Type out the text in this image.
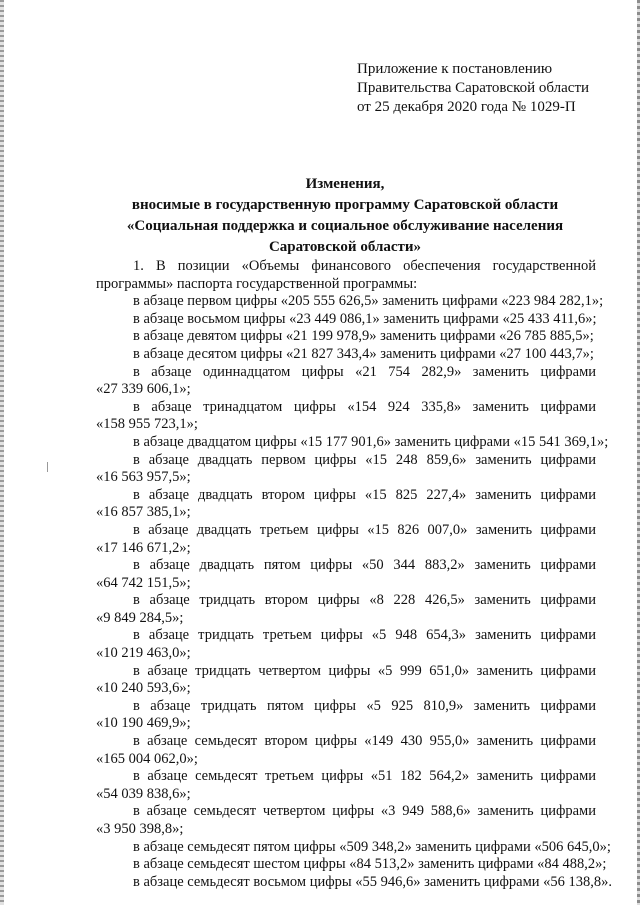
Приложение к постановлению
Правительства Саратовской области
от 25 декабря 2020 года № 1029-П
Изменения,
вносимые в государственную программу Саратовской области
«Социальная поддержка и социальное обслуживание населения
Саратовской области»
1. В позиции «Объемы финансового обеспечения государственной
программы» паспорта государственной программы:
в абзаце первом цифры «205 555 626,5» заменить цифрами «223 984 282,1»;
в абзаце восьмом цифры «23 449 086,1» заменить цифрами «25 433 411,6»;
в абзаце девятом цифры «21 199 978,9» заменить цифрами «26 785 885,5»;
в абзаце десятом цифры «21 827 343,4» заменить цифрами «27 100 443,7»;
в абзаце одиннадцатом цифры «21 754 282,9» заменить цифрами
«27 339 606,1»;
в абзаце тринадцатом цифры «154 924 335,8» заменить цифрами
«158 955 723,1»;
в абзаце двадцатом цифры «15 177 901,6» заменить цифрами «15 541 369,1»;
в абзаце двадцать первом цифры «15 248 859,6» заменить цифрами
«16 563 957,5»;
в абзаце двадцать втором цифры «15 825 227,4» заменить цифрами
«16 857 385,1»;
в абзаце двадцать третьем цифры «15 826 007,0» заменить цифрами
«17 146 671,2»;
в абзаце двадцать пятом цифры «50 344 883,2» заменить цифрами
«64 742 151,5»;
в абзаце тридцать втором цифры «8 228 426,5» заменить цифрами
«9 849 284,5»;
в абзаце тридцать третьем цифры «5 948 654,3» заменить цифрами
«10 219 463,0»;
в абзаце тридцать четвертом цифры «5 999 651,0» заменить цифрами
«10 240 593,6»;
в абзаце тридцать пятом цифры «5 925 810,9» заменить цифрами
«10 190 469,9»;
в абзаце семьдесят втором цифры «149 430 955,0» заменить цифрами
«165 004 062,0»;
в абзаце семьдесят третьем цифры «51 182 564,2» заменить цифрами
«54 039 838,6»;
в абзаце семьдесят четвертом цифры «3 949 588,6» заменить цифрами
«3 950 398,8»;
в абзаце семьдесят пятом цифры «509 348,2» заменить цифрами «506 645,0»;
в абзаце семьдесят шестом цифры «84 513,2» заменить цифрами «84 488,2»;
в абзаце семьдесят восьмом цифры «55 946,6» заменить цифрами «56 138,8».
